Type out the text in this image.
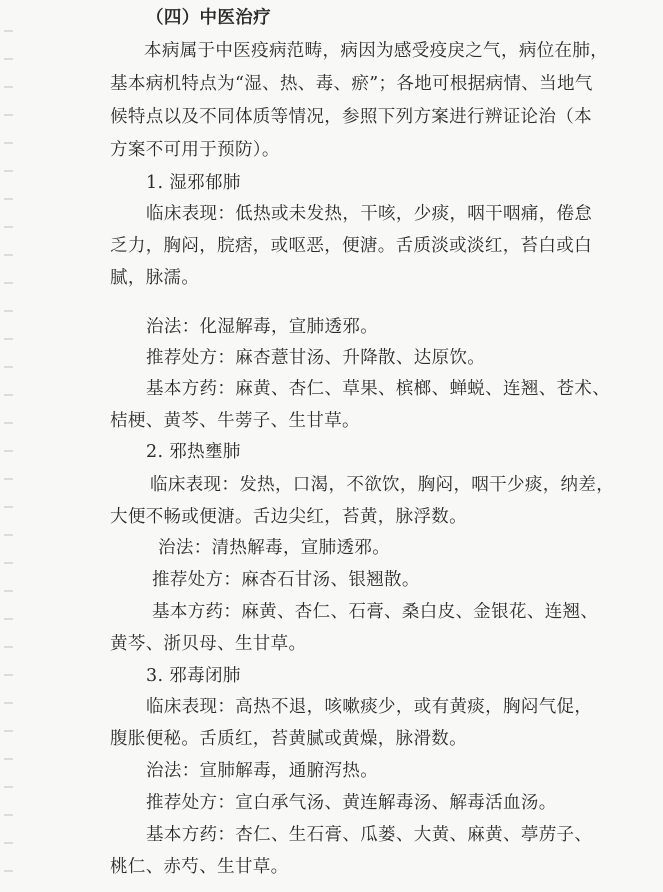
（四）中医治疗
本病属于中医疫病范畴，病因为感受疫戾之气，病位在肺，
基本病机特点为“湿、热、毒、瘀”；各地可根据病情、当地气
候特点以及不同体质等情况，参照下列方案进行辨证论治（本
方案不可用于预防）。
1. 湿邪郁肺
临床表现：低热或未发热，干咳，少痰，咽干咽痛，倦怠
乏力，胸闷，脘痞，或呕恶，便溏。舌质淡或淡红，苔白或白
腻，脉濡。
治法：化湿解毒，宣肺透邪。
推荐处方：麻杏薏甘汤、升降散、达原饮。
基本方药：麻黄、杏仁、草果、槟榔、蝉蜕、连翘、苍术、
桔梗、黄芩、牛蒡子、生甘草。
2. 邪热壅肺
临床表现：发热，口渴，不欲饮，胸闷，咽干少痰，纳差，
大便不畅或便溏。舌边尖红，苔黄，脉浮数。
治法：清热解毒，宣肺透邪。
推荐处方：麻杏石甘汤、银翘散。
基本方药：麻黄、杏仁、石膏、桑白皮、金银花、连翘、
黄芩、浙贝母、生甘草。
3. 邪毒闭肺
临床表现：高热不退，咳嗽痰少，或有黄痰，胸闷气促，
腹胀便秘。舌质红，苔黄腻或黄燥，脉滑数。
治法：宣肺解毒，通腑泻热。
推荐处方：宣白承气汤、黄连解毒汤、解毒活血汤。
基本方药：杏仁、生石膏、瓜蒌、大黄、麻黄、葶苈子、
桃仁、赤芍、生甘草。
